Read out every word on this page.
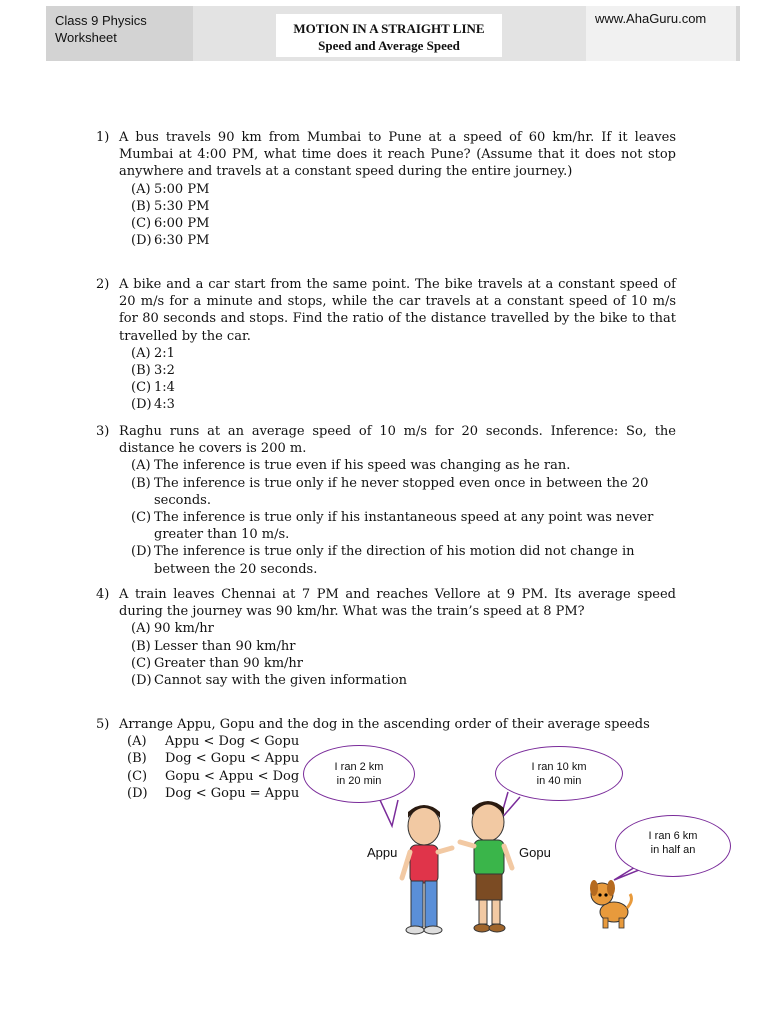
Class 9 Physics
Worksheet
MOTION IN A STRAIGHT LINE
Speed and Average Speed
www.AhaGuru.com
1) A bus travels 90 km from Mumbai to Pune at a speed of 60 km/hr. If it leaves Mumbai at 4:00 PM, what time does it reach Pune? (Assume that it does not stop anywhere and travels at a constant speed during the entire journey.)
(A) 5:00 PM
(B) 5:30 PM
(C) 6:00 PM
(D) 6:30 PM
2) A bike and a car start from the same point. The bike travels at a constant speed of 20 m/s for a minute and stops, while the car travels at a constant speed of 10 m/s for 80 seconds and stops. Find the ratio of the distance travelled by the bike to that travelled by the car.
(A) 2:1
(B) 3:2
(C) 1:4
(D) 4:3
3) Raghu runs at an average speed of 10 m/s for 20 seconds. Inference: So, the distance he covers is 200 m.
(A) The inference is true even if his speed was changing as he ran.
(B) The inference is true only if he never stopped even once in between the 20 seconds.
(C) The inference is true only if his instantaneous speed at any point was never greater than 10 m/s.
(D) The inference is true only if the direction of his motion did not change in between the 20 seconds.
4) A train leaves Chennai at 7 PM and reaches Vellore at 9 PM. Its average speed during the journey was 90 km/hr. What was the train’s speed at 8 PM?
(A) 90 km/hr
(B) Lesser than 90 km/hr
(C) Greater than 90 km/hr
(D) Cannot say with the given information
5) Arrange Appu, Gopu and the dog in the ascending order of their average speeds
(A) Appu < Dog < Gopu
(B) Dog < Gopu < Appu
(C) Gopu < Appu < Dog
(D) Dog < Gopu = Appu
I ran 2 km
in 20 min
I ran 10 km
in 40 min
I ran 6 km
in half an
Appu	Gopu
